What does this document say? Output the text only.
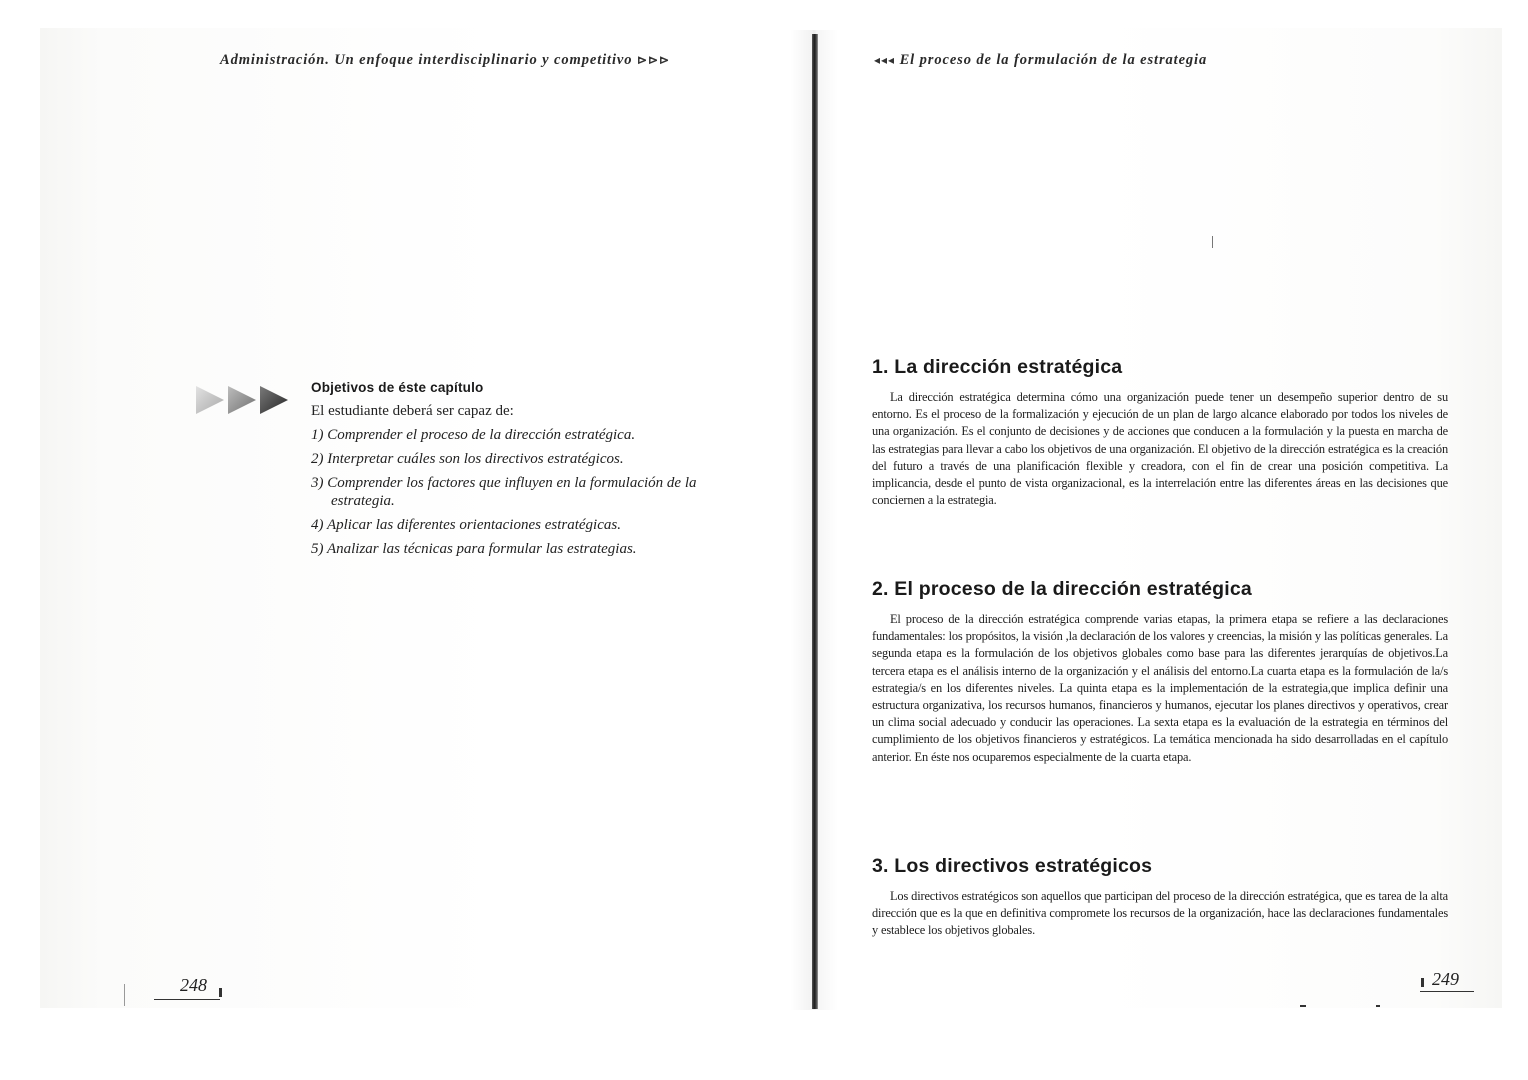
Administración. Un enfoque interdisciplinario y competitivo ⊳⊳⊳	◂◂◂ El proceso de la formulación de la estrategia

Objetivos de éste capítulo

El estudiante deberá ser capaz de:

1) Comprender el proceso de la dirección estratégica.
2) Interpretar cuáles son los directivos estratégicos.
3) Comprender los factores que influyen en la formulación de la estrategia.
4) Aplicar las diferentes orientaciones estratégicas.
5) Analizar las técnicas para formular las estrategias.
248
1. La dirección estratégica

La dirección estratégica determina cómo una organización puede tener un desempeño superior dentro de su entorno. Es el proceso de la formalización y ejecución de un plan de largo alcance elaborado por todos los niveles de una organización. Es el conjunto de decisiones y de acciones que conducen a la formulación y la puesta en marcha de las estrategias para llevar a cabo los objetivos de una organización. El objetivo de la dirección estratégica es la creación del futuro a través de una planificación flexible y creadora, con el fin de crear una posición competitiva. La implicancia, desde el punto de vista organizacional, es la interrelación entre las diferentes áreas en las decisiones que conciernen a la estrategia.

2. El proceso de la dirección estratégica

El proceso de la dirección estratégica comprende varias etapas, la primera etapa se refiere a las declaraciones fundamentales: los propósitos, la visión ,la declaración de los valores y creencias, la misión y las políticas generales. La segunda etapa es la formulación de los objetivos globales como base para las diferentes jerarquías de objetivos.La tercera etapa es el análisis interno de la organización y el análisis del entorno.La cuarta etapa es la formulación de la/s estrategia/s en los diferentes niveles. La quinta etapa es la implementación de la estrategia,que implica definir una estructura organizativa, los recursos humanos, financieros y humanos, ejecutar los planes directivos y operativos, crear un clima social adecuado y conducir las operaciones. La sexta etapa es la evaluación de la estrategia en términos del cumplimiento de los objetivos financieros y estratégicos. La temática mencionada ha sido desarrolladas en el capítulo anterior. En éste nos ocuparemos especialmente de la cuarta etapa.

3. Los directivos estratégicos

Los directivos estratégicos son aquellos que participan del proceso de la dirección estratégica, que es tarea de la alta dirección que es la que en definitiva compromete los recursos de la organización, hace las declaraciones fundamentales y establece los objetivos globales.

249
